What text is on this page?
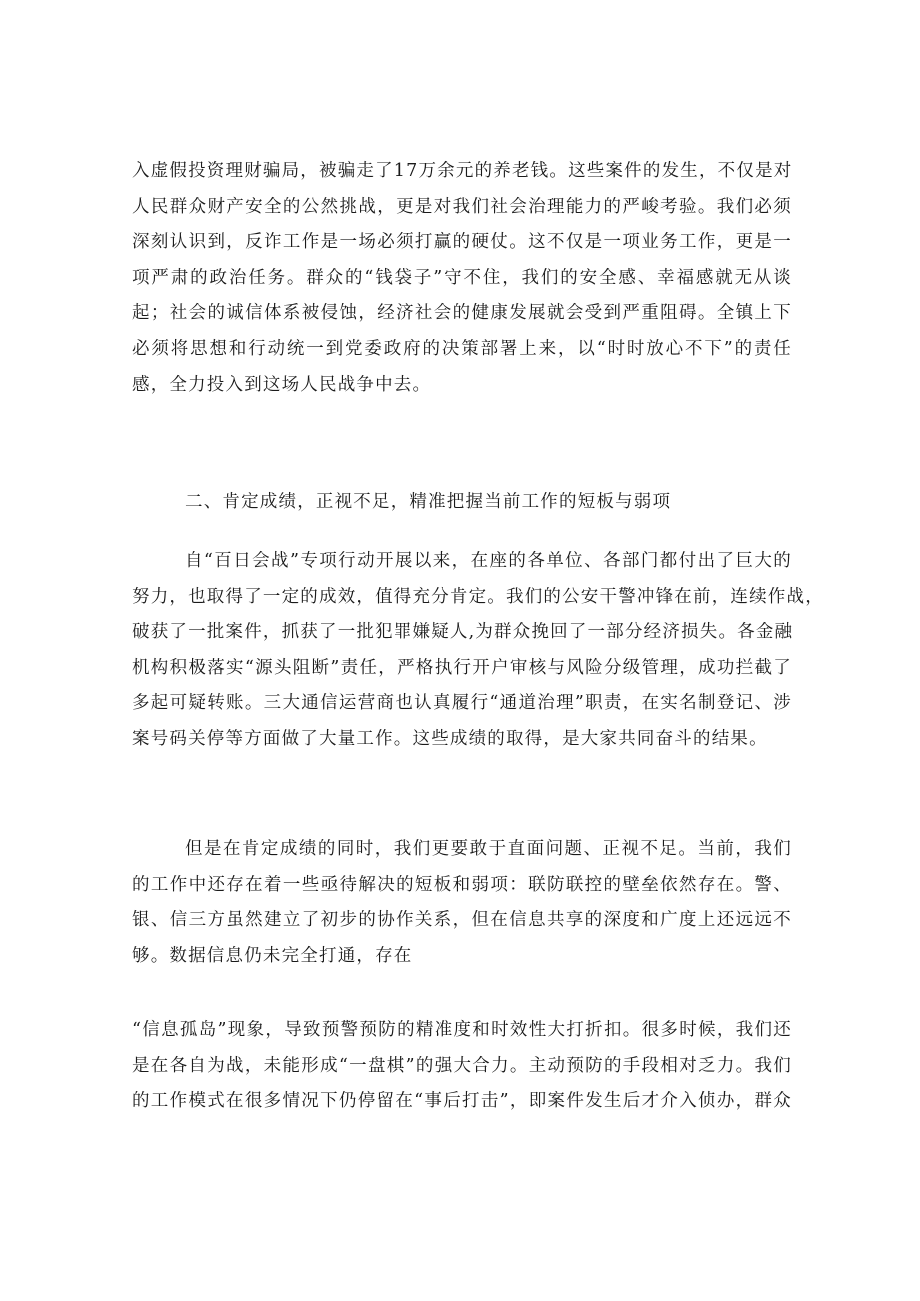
入虚假投资理财骗局，被骗走了17万余元的养老钱。这些案件的发生，不仅是对
人民群众财产安全的公然挑战，更是对我们社会治理能力的严峻考验。我们必须
深刻认识到，反诈工作是一场必须打赢的硬仗。这不仅是一项业务工作，更是一
项严肃的政治任务。群众的“钱袋子”守不住，我们的安全感、幸福感就无从谈
起；社会的诚信体系被侵蚀，经济社会的健康发展就会受到严重阻碍。全镇上下
必须将思想和行动统一到党委政府的决策部署上来，以“时时放心不下”的责任
感，全力投入到这场人民战争中去。
二、肯定成绩，正视不足，精准把握当前工作的短板与弱项
自“百日会战”专项行动开展以来，在座的各单位、各部门都付出了巨大的
努力，也取得了一定的成效，值得充分肯定。我们的公安干警冲锋在前，连续作战，
破获了一批案件，抓获了一批犯罪嫌疑人,为群众挽回了一部分经济损失。各金融
机构积极落实“源头阻断”责任，严格执行开户审核与风险分级管理，成功拦截了
多起可疑转账。三大通信运营商也认真履行“通道治理”职责，在实名制登记、涉
案号码关停等方面做了大量工作。这些成绩的取得，是大家共同奋斗的结果。
但是在肯定成绩的同时，我们更要敢于直面问题、正视不足。当前，我们
的工作中还存在着一些亟待解决的短板和弱项：联防联控的壁垒依然存在。警、
银、信三方虽然建立了初步的协作关系，但在信息共享的深度和广度上还远远不
够。数据信息仍未完全打通，存在
“信息孤岛”现象，导致预警预防的精准度和时效性大打折扣。很多时候，我们还
是在各自为战，未能形成“一盘棋”的强大合力。主动预防的手段相对乏力。我们
的工作模式在很多情况下仍停留在“事后打击”，即案件发生后才介入侦办，群众
